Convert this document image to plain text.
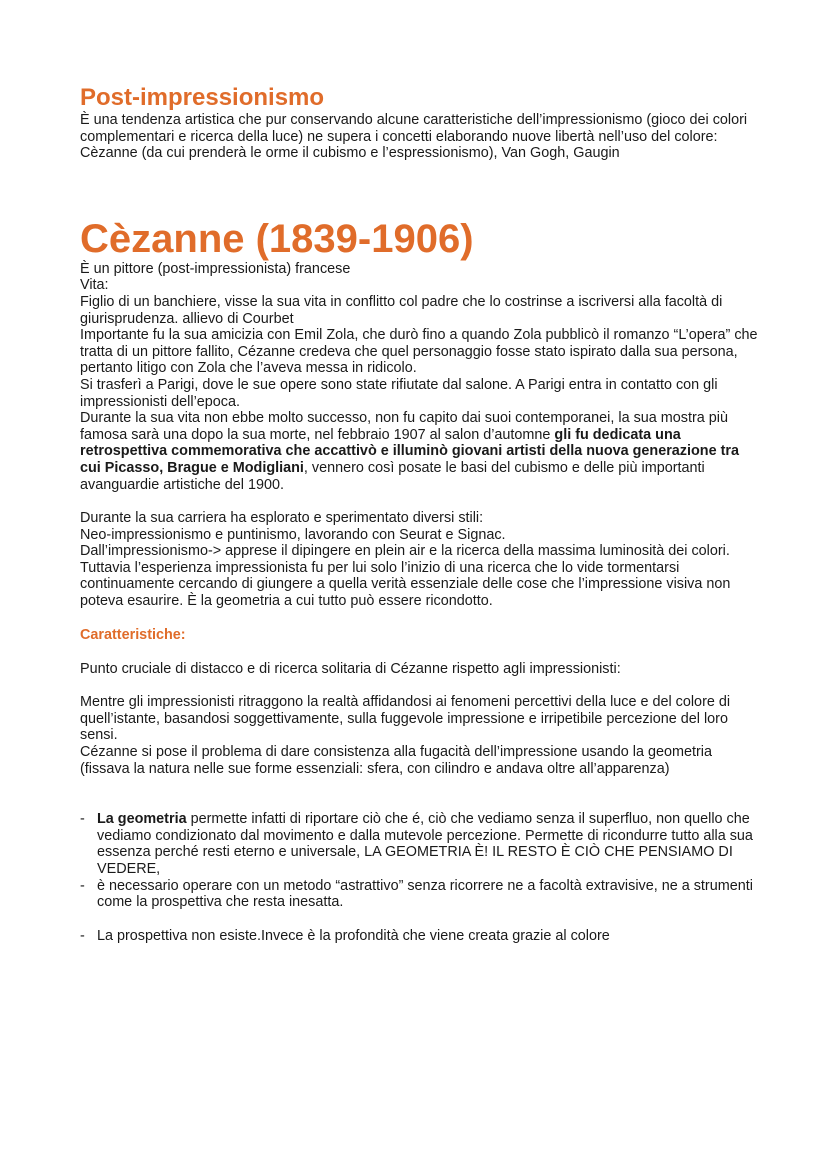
Post-impressionismo

È una tendenza artistica che pur conservando alcune caratteristiche dell’impressionismo (gioco dei colori complementari e ricerca della luce) ne supera i concetti elaborando nuove libertà nell’uso del colore: Cèzanne (da cui prenderà le orme il cubismo e l’espressionismo), Van Gogh, Gaugin

Cèzanne (1839-1906)

È un pittore (post-impressionista) francese

Vita:

Figlio di un banchiere, visse la sua vita in conflitto col padre che lo costrinse a iscriversi alla facoltà di giurisprudenza. allievo di Courbet

Importante fu la sua amicizia con Emil Zola, che durò fino a quando Zola pubblicò il romanzo “L’opera” che tratta di un pittore fallito, Cézanne credeva che quel personaggio fosse stato ispirato dalla sua persona, pertanto litigo con Zola che l’aveva messa in ridicolo.

Si trasferì a Parigi, dove le sue opere sono state rifiutate dal salone. A Parigi entra in contatto con gli impressionisti dell’epoca.

Durante la sua vita non ebbe molto successo, non fu capito dai suoi contemporanei, la sua mostra più famosa sarà una dopo la sua morte, nel febbraio 1907 al salon d’automne gli fu dedicata una retrospettiva commemorativa che accattivò e illuminò giovani artisti della nuova generazione tra cui Picasso, Brague e Modigliani, vennero così posate le basi del cubismo e delle più importanti avanguardie artistiche del 1900.

Durante la sua carriera ha esplorato e sperimentato diversi stili:

Neo-impressionismo e puntinismo, lavorando con Seurat e Signac.

Dall’impressionismo-> apprese il dipingere en plein air e la ricerca della massima luminosità dei colori.

Tuttavia l’esperienza impressionista fu per lui solo l’inizio di una ricerca che lo vide tormentarsi continuamente cercando di giungere a quella verità essenziale delle cose che l’impressione visiva non poteva esaurire. È la geometria a cui tutto può essere ricondotto.

Caratteristiche:

Punto cruciale di distacco e di ricerca solitaria di Cézanne rispetto agli impressionisti:

Mentre gli impressionisti ritraggono la realtà affidandosi ai fenomeni percettivi della luce e del colore di quell’istante, basandosi soggettivamente, sulla fuggevole impressione e irripetibile percezione del loro sensi.

Cézanne si pose il problema di dare consistenza alla fugacità dell’impressione usando la geometria (fissava la natura nelle sue forme essenziali: sfera, con cilindro e andava oltre all’apparenza)

- La geometria permette infatti di riportare ciò che é, ciò che vediamo senza il superfluo, non quello che vediamo condizionato dal movimento e dalla mutevole percezione. Permette di ricondurre tutto alla sua essenza perché resti eterno e universale, LA GEOMETRIA È! IL RESTO È CIÒ CHE PENSIAMO DI VEDERE,
- è necessario operare con un metodo “astrattivo” senza ricorrere ne a facoltà extravisive, ne a strumenti come la prospettiva che resta inesatta.
- La prospettiva non esiste.Invece è la profondità che viene creata grazie al colore
